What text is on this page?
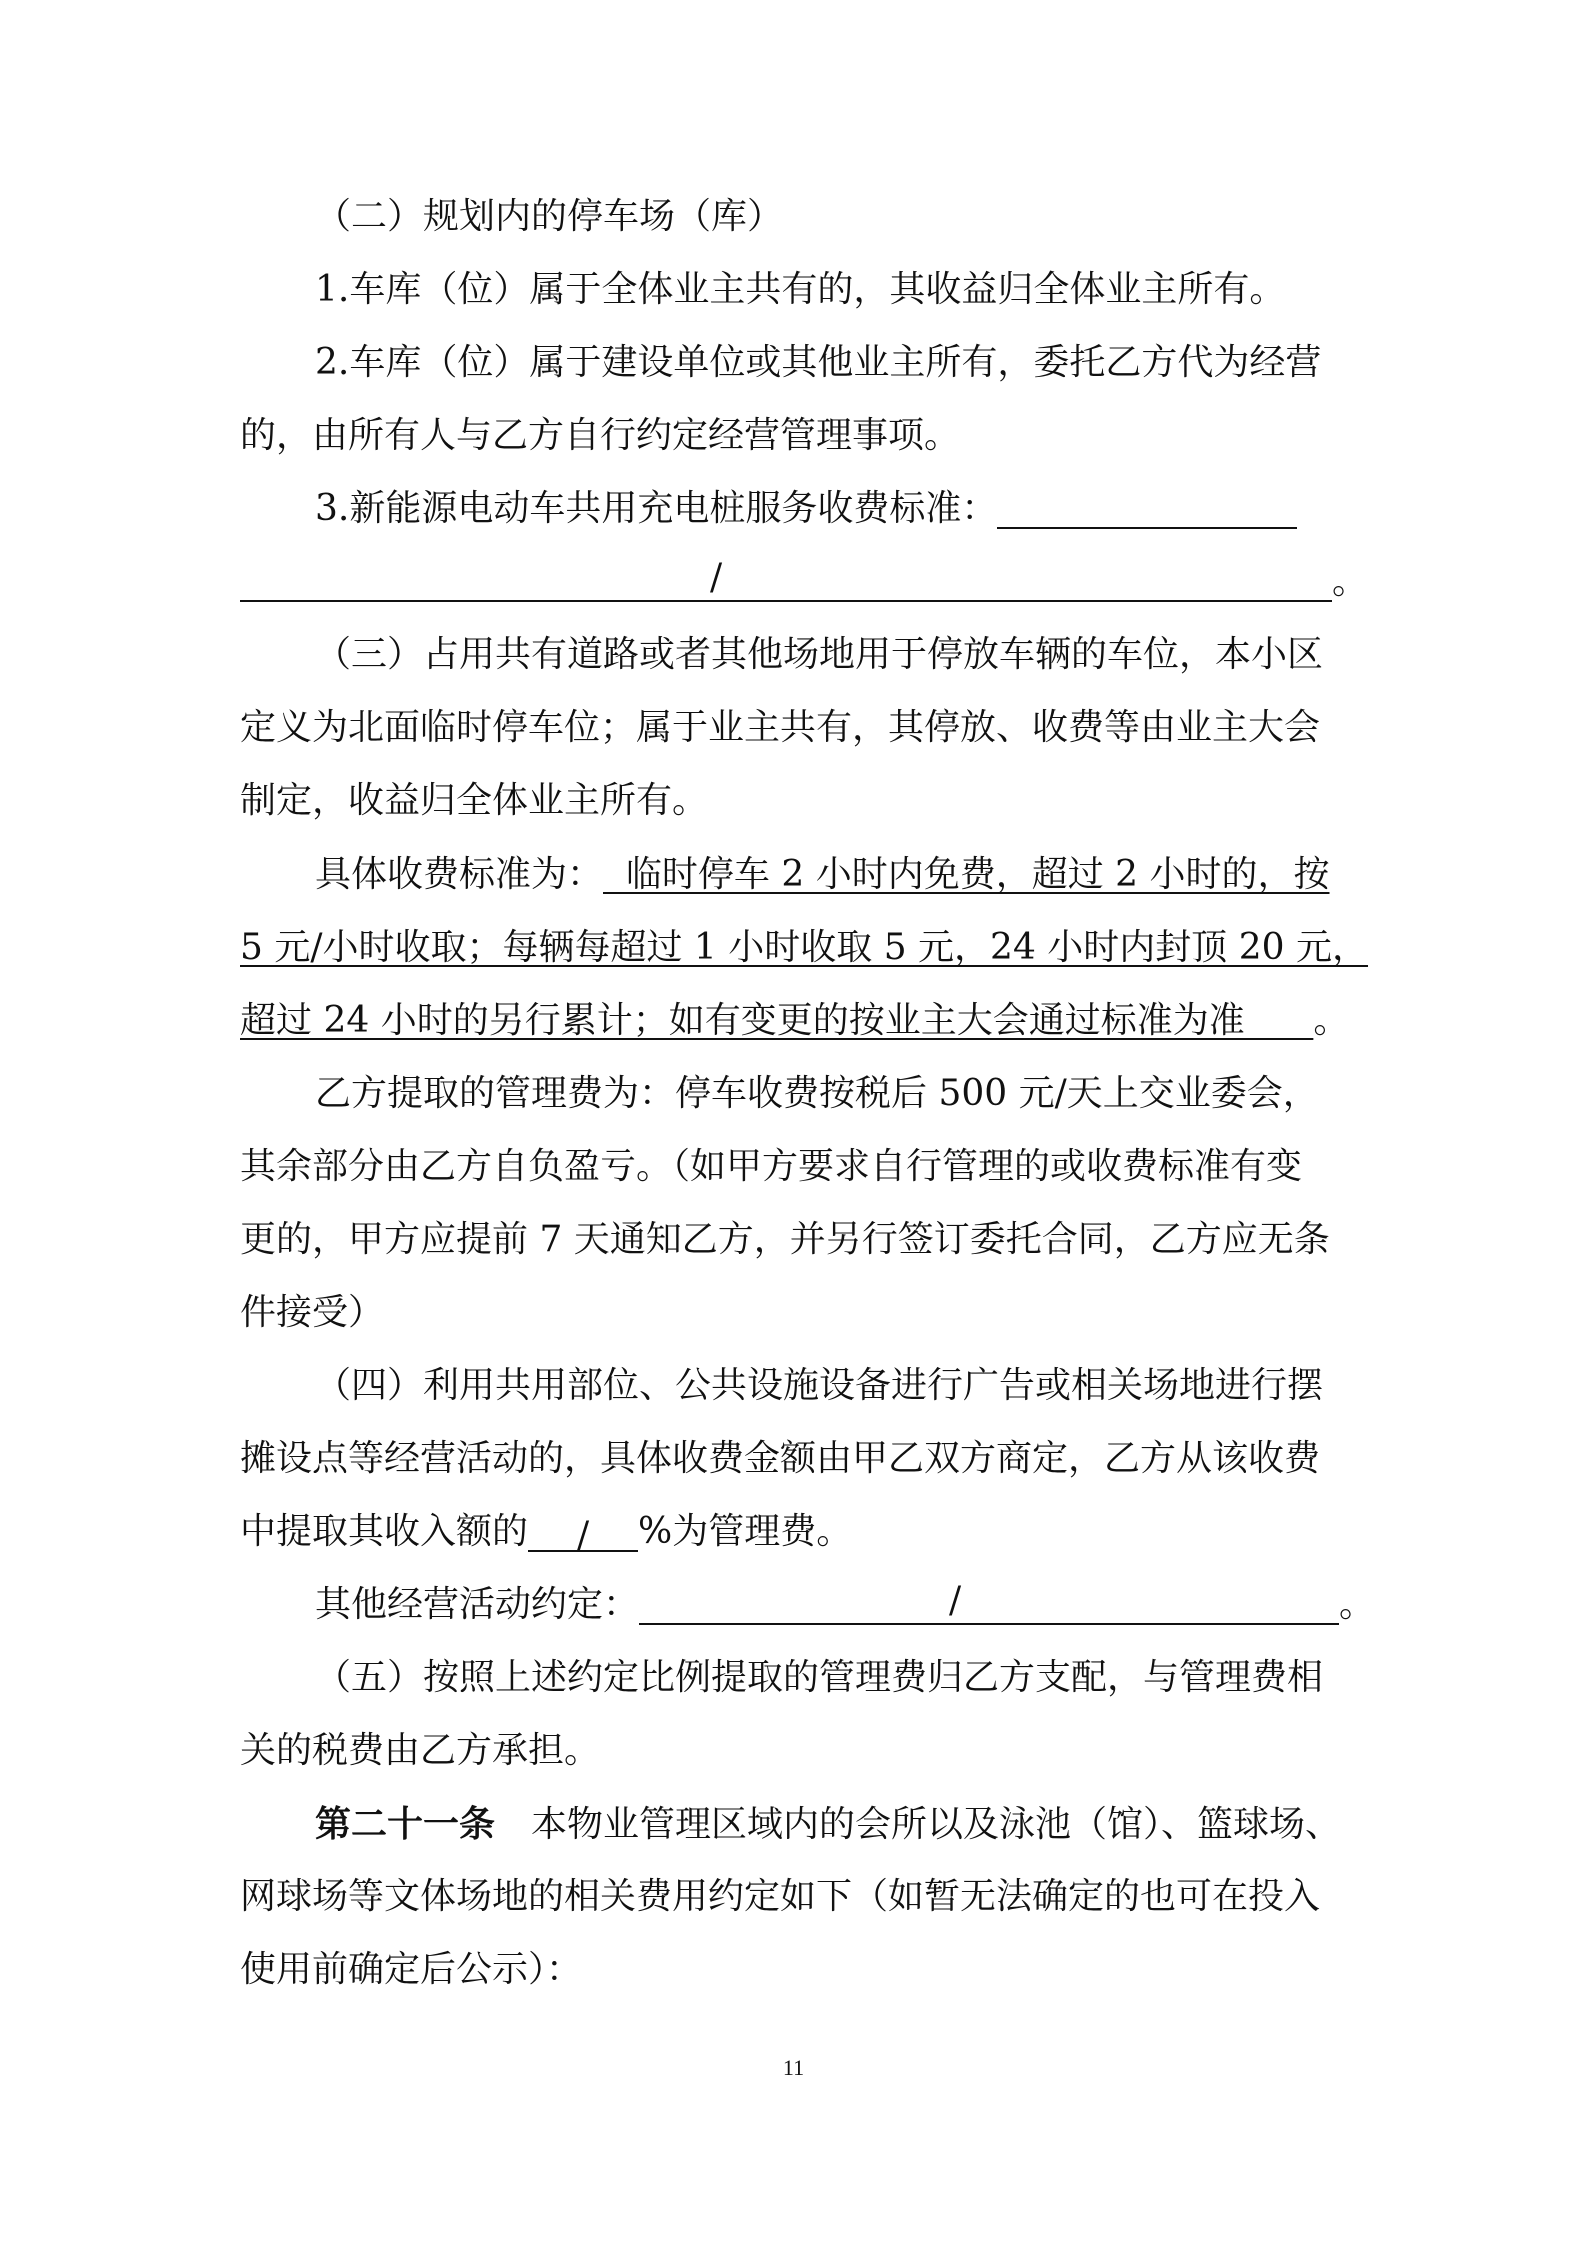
（二）规划内的停车场（库）
1.车库（位）属于全体业主共有的，其收益归全体业主所有。
2.车库（位）属于建设单位或其他业主所有，委托乙方代为经营
的，由所有人与乙方自行约定经营管理事项。
3.新能源电动车共用充电桩服务收费标准：
/	。
（三）占用共有道路或者其他场地用于停放车辆的车位，本小区
定义为北面临时停车位；属于业主共有，其停放、收费等由业主大会
制定，收益归全体业主所有。
具体收费标准为：  临时停车 2 小时内免费，超过 2 小时的，按
5 元/小时收取；每辆每超过 1 小时收取 5 元，24 小时内封顶 20 元，
超过 24 小时的另行累计；如有变更的按业主大会通过标准为准      。
乙方提取的管理费为：停车收费按税后 500 元/天上交业委会，
其余部分由乙方自负盈亏。（如甲方要求自行管理的或收费标准有变
更的，甲方应提前 7 天通知乙方，并另行签订委托合同，乙方应无条
件接受）
（四）利用共用部位、公共设施设备进行广告或相关场地进行摆
摊设点等经营活动的，具体收费金额由甲乙双方商定，乙方从该收费
中提取其收入额的 / %为管理费。
其他经营活动约定：	/	。
（五）按照上述约定比例提取的管理费归乙方支配，与管理费相
关的税费由乙方承担。
第二十一条　本物业管理区域内的会所以及泳池（馆）、篮球场、
网球场等文体场地的相关费用约定如下（如暂无法确定的也可在投入
使用前确定后公示）：
11
